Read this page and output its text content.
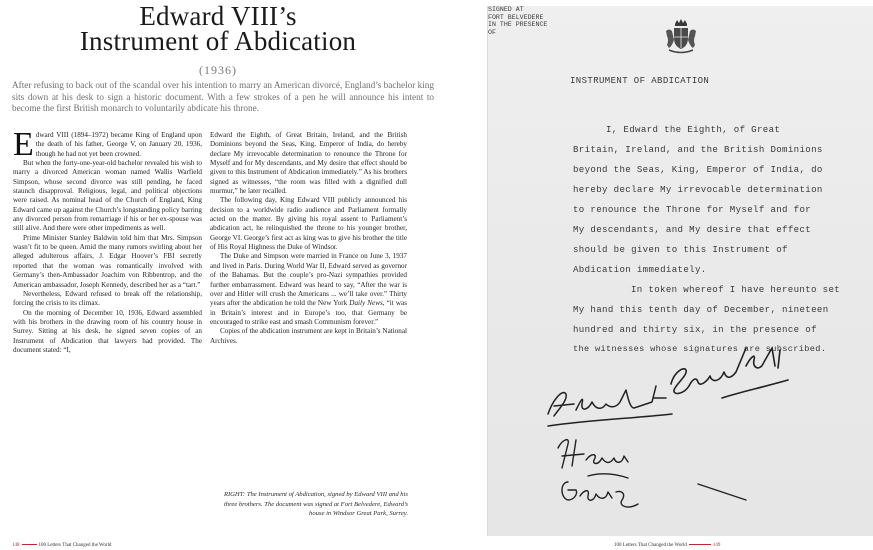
Edward VIII’s
Instrument of Abdication
(1936)
After refusing to back out of the scandal over his intention to marry an American divorcé, England’s bachelor king sits down at his desk to sign a historic document. With a few strokes of a pen he will announce his intent to become the first British monarch to voluntarily abdicate his throne.

Edward VIII (1894–1972) became King of England upon the death of his father, George V, on January 20, 1936, though he had not yet been crowned.

But when the forty-one-year-old bachelor revealed his wish to marry a divorced American woman named Wallis Warfield Simpson, whose second divorce was still pending, he faced staunch disapproval. Religious, legal, and political objections were raised. As nominal head of the Church of England, King Edward came up against the Church’s longstanding policy barring any divorced person from remarriage if his or her ex-spouse was still alive. And there were other impediments as well.

Prime Minister Stanley Baldwin told him that Mrs. Simpson wasn’t fit to be queen. Amid the many rumors swirling about her alleged adulterous affairs, J. Edgar Hoover’s FBI secretly reported that the woman was romantically involved with Germany’s then-Ambassador Joachim von Ribbentrop, and the American ambassador, Joseph Kennedy, described her as a “tart.”

Nevertheless, Edward refused to break off the relationship, forcing the crisis to its climax.

On the morning of December 10, 1936, Edward assembled with his brothers in the drawing room of his country house in Surrey. Sitting at his desk, he signed seven copies of an Instrument of Abdication that lawyers had provided. The document stated: “I,

Edward the Eighth, of Great Britain, Ireland, and the British Dominions beyond the Seas, King, Emperor of India, do hereby declare My irrevocable determination to renounce the Throne for Myself and for My descendants, and My desire that effect should be given to this Instrument of Abdication immediately.” As his brothers signed as witnesses, “the room was filled with a dignified dull murmur,” he later recalled.

The following day, King Edward VIII publicly announced his decision to a worldwide radio audience and Parliament formally acted on the matter. By giving his royal assent to Parliament’s abdication act, he relinquished the throne to his younger brother, George VI. George’s first act as king was to give his brother the title of His Royal Highness the Duke of Windsor.

The Duke and Simpson were married in France on June 3, 1937 and lived in Paris. During World War II, Edward served as governor of the Bahamas. But the couple’s pro-Nazi sympathies provided further embarrassment. Edward was heard to say, “After the war is over and Hitler will crush the Americans ... we’ll take over.” Thirty years after the abdication he told the New York Daily News, “it was in Britain’s interest and in Europe’s too, that Germany be encouraged to strike east and smash Communism forever.”

Copies of the abdication instrument are kept in Britain’s National Archives.

RIGHT: The Instrument of Abdication, signed by Edward VIII and his three brothers. The document was signed at Fort Belvedere, Edward’s house in Windsor Great Park, Surrey.
148	100 Letters That Changed the World
INSTRUMENT OF ABDICATION
I, Edward the Eighth, of Great
Britain, Ireland, and the British Dominions
beyond the Seas, King, Emperor of India, do
hereby declare My irrevocable determination
to renounce the Throne for Myself and for
My descendants, and My desire that effect
should be given to this Instrument of
Abdication immediately.
In token whereof I have hereunto set
My hand this tenth day of December, nineteen
hundred and thirty six, in the presence of
the witnesses whose signatures are subscribed.
SIGNED AT
FORT BELVEDERE
IN THE PRESENCE
OF
100 Letters That Changed the World	149
